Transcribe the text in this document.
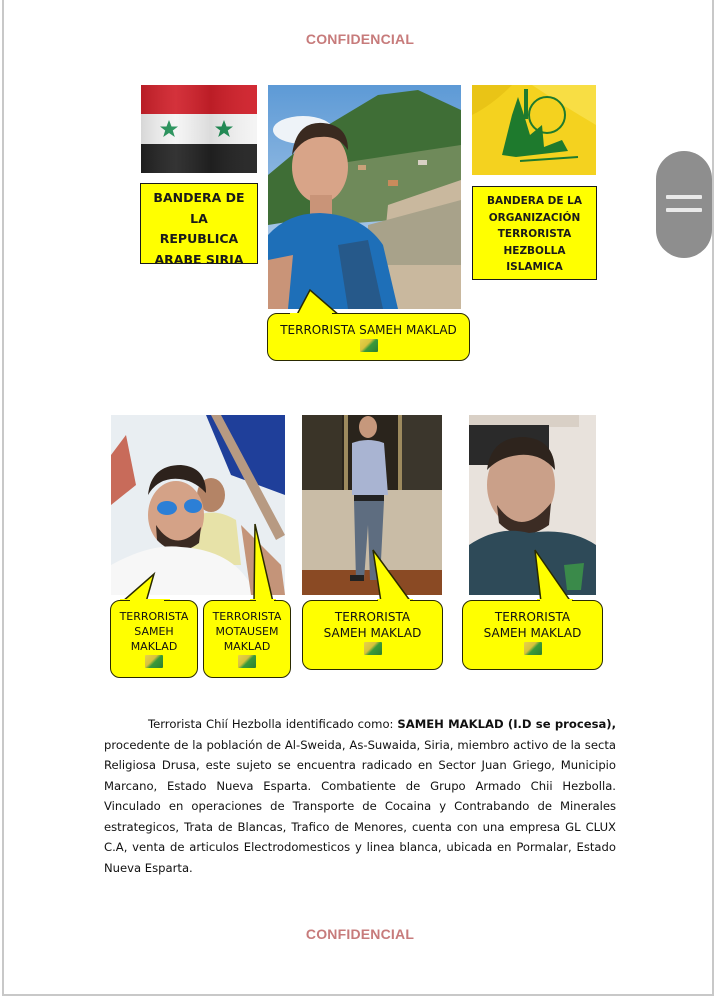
CONFIDENCIAL
BANDERA DE
LA
REPUBLICA
ARABE SIRIA
TERRORISTA SAMEH MAKLAD
BANDERA DE LA
ORGANIZACIÓN
TERRORISTA
HEZBOLLA
ISLAMICA
TERRORISTA
SAMEH
MAKLAD
TERRORISTA
MOTAUSEM
MAKLAD
TERRORISTA
SAMEH MAKLAD
TERRORISTA
SAMEH MAKLAD
Terrorista Chií Hezbolla identificado como: SAMEH MAKLAD (I.D se procesa), procedente de la población de Al-Sweida, As-Suwaida, Siria, miembro activo de la secta Religiosa Drusa, este sujeto se encuentra radicado en Sector Juan Griego, Municipio Marcano, Estado Nueva Esparta. Combatiente de Grupo Armado Chii Hezbolla. Vinculado en operaciones de Transporte de Cocaina y Contrabando de Minerales estrategicos, Trata de Blancas, Trafico de Menores, cuenta con una empresa GL CLUX C.A, venta de articulos Electrodomesticos y linea blanca, ubicada en Pormalar, Estado Nueva Esparta.
CONFIDENCIAL
